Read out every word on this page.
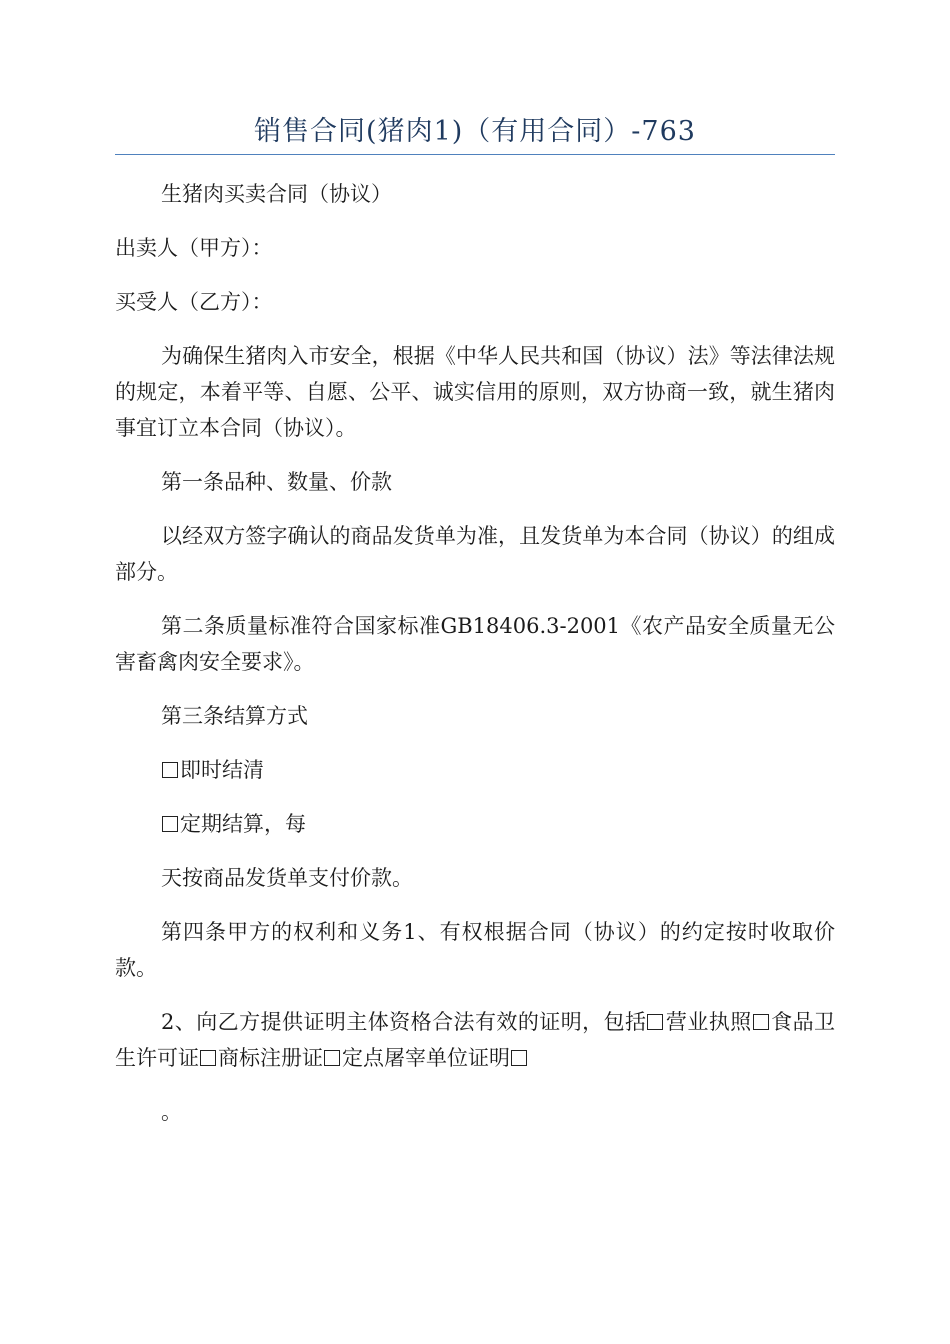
销售合同(猪肉1)（有用合同）-763

生猪肉买卖合同（协议）

出卖人（甲方）：

买受人（乙方）：

为确保生猪肉入市安全，根据《中华人民共和国（协议）法》等法律法规的规定，本着平等、自愿、公平、诚实信用的原则，双方协商一致，就生猪肉事宜订立本合同（协议）。

第一条品种、数量、价款

以经双方签字确认的商品发货单为准，且发货单为本合同（协议）的组成部分。

第二条质量标准符合国家标准GB18406.3-2001《农产品安全质量无公害畜禽肉安全要求》。

第三条结算方式

即时结清

定期结算，每

天按商品发货单支付价款。

第四条甲方的权利和义务1、有权根据合同（协议）的约定按时收取价款。

2、向乙方提供证明主体资格合法有效的证明，包括 营业执照 食品卫生许可证 商标注册证 定点屠宰单位证明

。
